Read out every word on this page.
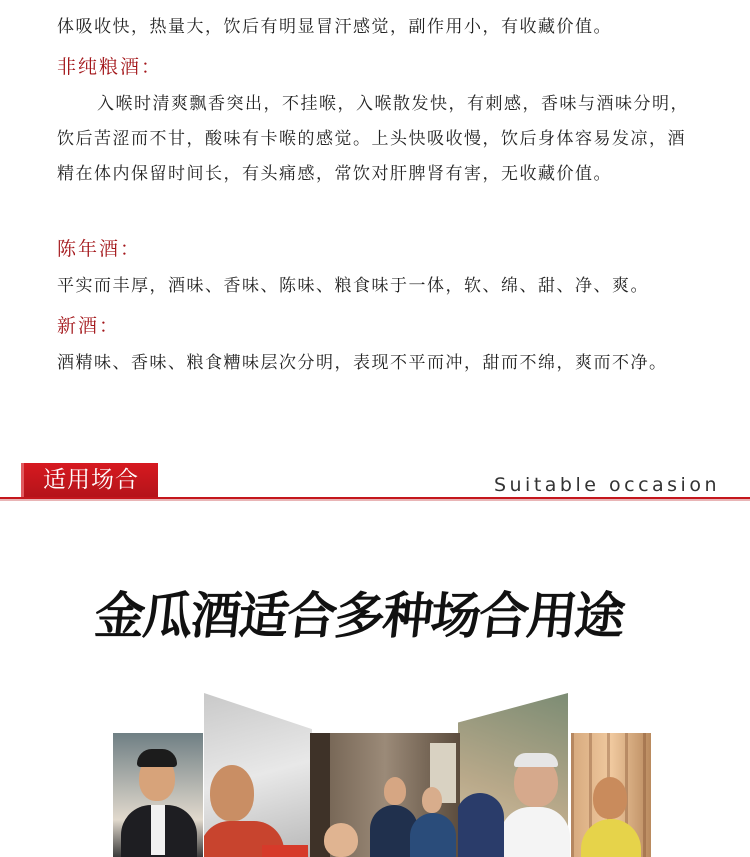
体吸收快，热量大，饮后有明显冒汗感觉，副作用小，有收藏价值。

非纯粮酒：

入喉时清爽飘香突出，不挂喉，入喉散发快，有刺感，香味与酒味分明，饮后苦涩而不甘，酸味有卡喉的感觉。上头快吸收慢，饮后身体容易发凉，酒精在体内保留时间长，有头痛感，常饮对肝脾肾有害，无收藏价值。

陈年酒：

平实而丰厚，酒味、香味、陈味、粮食味于一体，软、绵、甜、净、爽。

新酒：

酒精味、香味、粮食糟味层次分明，表现不平而冲，甜而不绵，爽而不净。

适用场合	Suitable occasion
金瓜酒适合多种场合用途
